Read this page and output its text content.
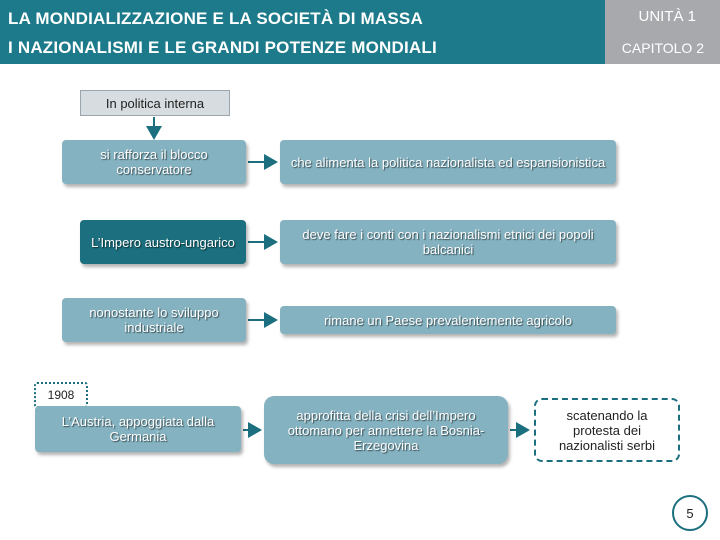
LA MONDIALIZZAZIONE E LA SOCIETÀ DI MASSA
I NAZIONALISMI E LE GRANDI POTENZE MONDIALI
UNITÀ 1
CAPITOLO 2
In politica interna
si rafforza il blocco conservatore	che alimenta la politica nazionalista ed espansionistica
L’Impero austro-ungarico	deve fare i conti con i nazionalismi etnici dei popoli balcanici
nonostante lo sviluppo industriale	rimane un Paese prevalentemente agricolo
1908
L’Austria, appoggiata dalla Germania
approfitta della crisi dell’Impero ottomano per annettere la Bosnia-Erzegovina
scatenando la protesta dei nazionalisti serbi
5
